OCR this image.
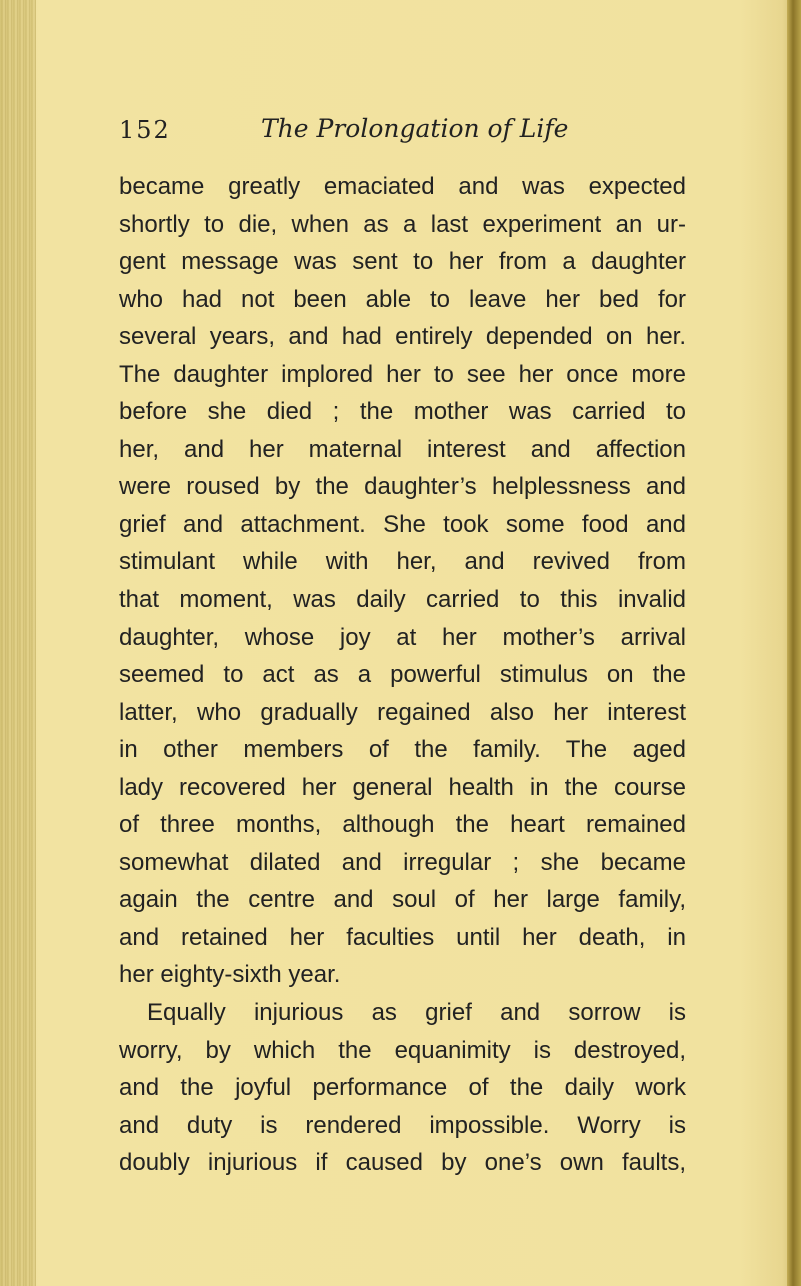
152	The Prolongation of Life
became greatly emaciated and was expected
shortly to die, when as a last experiment an ur-
gent message was sent to her from a daughter
who had not been able to leave her bed for
several years, and had entirely depended on her.
The daughter implored her to see her once more
before she died ; the mother was carried to
her, and her maternal interest and affection
were roused by the daughter’s helplessness and
grief and attachment. She took some food and
stimulant while with her, and revived from
that moment, was daily carried to this invalid
daughter, whose joy at her mother’s arrival
seemed to act as a powerful stimulus on the
latter, who gradually regained also her interest
in other members of the family. The aged
lady recovered her general health in the course
of three months, although the heart remained
somewhat dilated and irregular ; she became
again the centre and soul of her large family,
and retained her faculties until her death, in
her eighty-sixth year.
Equally injurious as grief and sorrow is
worry, by which the equanimity is destroyed,
and the joyful performance of the daily work
and duty is rendered impossible. Worry is
doubly injurious if caused by one’s own faults,
